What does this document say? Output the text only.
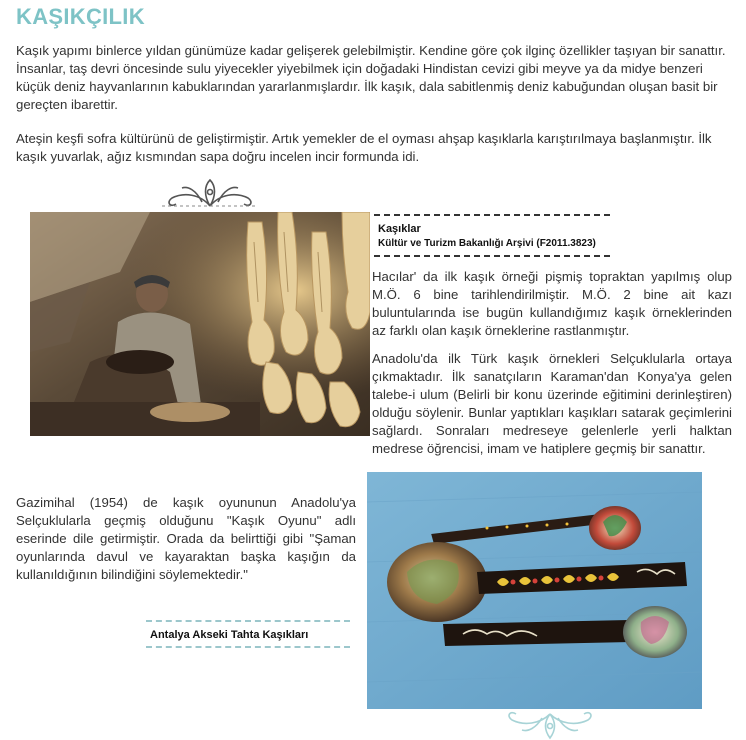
KAŞIKÇILIK

Kaşık yapımı binlerce yıldan günümüze kadar gelişerek gelebilmiştir. Kendine göre çok ilginç özellikler taşıyan bir sanattır. İnsanlar, taş devri öncesinde sulu yiyecekler yiyebilmek için doğadaki Hindistan cevizi gibi meyve ya da midye benzeri küçük deniz hayvanlarının kabuklarından yararlanmışlardır. İlk kaşık, dala sabitlenmiş deniz kabuğundan oluşan basit bir gereçten ibarettir.

Ateşin keşfi sofra kültürünü de geliştirmiştir. Artık yemekler de el oyması ahşap kaşıklarla karıştırılmaya başlanmıştır. İlk kaşık yuvarlak, ağız kısmından sapa doğru incelen incir formunda idi.

Kaşıklar
Kültür ve Turizm Bakanlığı Arşivi (F2011.3823)

Hacılar' da ilk kaşık örneği pişmiş topraktan yapılmış olup M.Ö. 6 bine tarihlendirilmiştir. M.Ö. 2 bine ait kazı buluntularında ise bugün kullandığımız kaşık örneklerinden az farklı olan kaşık örneklerine rastlanmıştır.

Anadolu'da ilk Türk kaşık örnekleri Selçuklularla ortaya çıkmaktadır. İlk sanatçıların Karaman'dan Konya'ya gelen talebe-i ulum (Belirli bir konu üzerinde eğitimini derinleştiren) olduğu söylenir. Bunlar yaptıkları kaşıkları satarak geçimlerini sağlardı. Sonraları medreseye gelenlerle yerli halktan medrese öğrencisi, imam ve hatiplere geçmiş bir sanattır.

Gazimihal (1954) de kaşık oyununun Anadolu'ya Selçuklularla geçmiş olduğunu "Kaşık Oyunu" adlı eserinde dile getirmiştir. Orada da belirttiği gibi "Şaman oyunlarında davul ve kayaraktan başka kaşığın da kullanıldığının bilindiğini söylemektedir."

Antalya Akseki Tahta Kaşıkları
